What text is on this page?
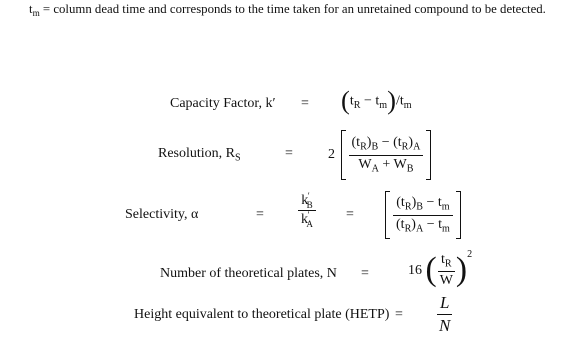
$t_m$ = column dead time and corresponds to the time taken for an unretained compound to be detected.
Capacity Factor, $k' = (t_R - t_m)/t_m$
Resolution, $R_S$	=	$2 \frac{(t_R)_B - (t_R)_A}{W_A + W_B}$
Selectivity, α	= $\frac{k'_B}{k'_A}$ =	$\frac{(t_R)_B - t_m}{(t_R)_A - t_m}$
Number of theoretical plates, N =	16 ( $\frac{t_R}{W} )^2$
Height equivalent to theoretical plate (HETP) = $\frac{L}{N}$
